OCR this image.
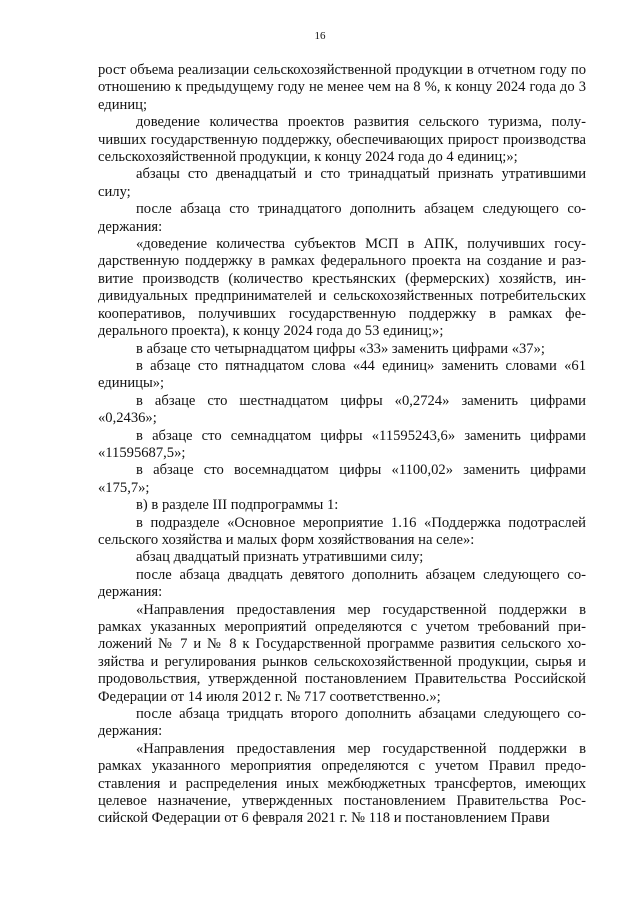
16

рост объема реализации сельскохозяйственной продукции в отчетном году по отношению к предыдущему году не менее чем на 8 %, к концу 2024 года до 3 единиц;

доведение количества проектов развития сельского туризма, получивших государственную поддержку, обеспечивающих прирост производства сельскохозяйственной продукции, к концу 2024 года до 4 единиц;»;

абзацы сто двенадцатый и сто тринадцатый признать утратившими силу;

после абзаца сто тринадцатого дополнить абзацем следующего содержания:

«доведение количества субъектов МСП в АПК, получивших государственную поддержку в рамках федерального проекта на создание и развитие производств (количество крестьянских (фермерских) хозяйств, индивидуальных предпринимателей и сельскохозяйственных потребительских кооперативов, получивших государственную поддержку в рамках федерального проекта), к концу 2024 года до 53 единиц;»;

в абзаце сто четырнадцатом цифры «33» заменить цифрами «37»;

в абзаце сто пятнадцатом слова «44 единиц» заменить словами «61 единицы»;

в абзаце сто шестнадцатом цифры «0,2724» заменить цифрами «0,2436»;

в абзаце сто семнадцатом цифры «11595243,6» заменить цифрами «11595687,5»;

в абзаце сто восемнадцатом цифры «1100,02» заменить цифрами «175,7»;

в) в разделе III подпрограммы 1:

в подразделе «Основное мероприятие 1.16 «Поддержка подотраслей сельского хозяйства и малых форм хозяйствования на селе»:

абзац двадцатый признать утратившими силу;

после абзаца двадцать девятого дополнить абзацем следующего содержания:

«Направления предоставления мер государственной поддержки в рамках указанных мероприятий определяются с учетом требований приложений № 7 и № 8 к Государственной программе развития сельского хозяйства и регулирования рынков сельскохозяйственной продукции, сырья и продовольствия, утвержденной постановлением Правительства Российской Федерации от 14 июля 2012 г. № 717 соответственно.»;

после абзаца тридцать второго дополнить абзацами следующего содержания:

«Направления предоставления мер государственной поддержки в рамках указанного мероприятия определяются с учетом Правил предоставления и распределения иных межбюджетных трансфертов, имеющих целевое назначение, утвержденных постановлением Правительства Российской Федерации от 6 февраля 2021 г. № 118 и постановлением Прави
